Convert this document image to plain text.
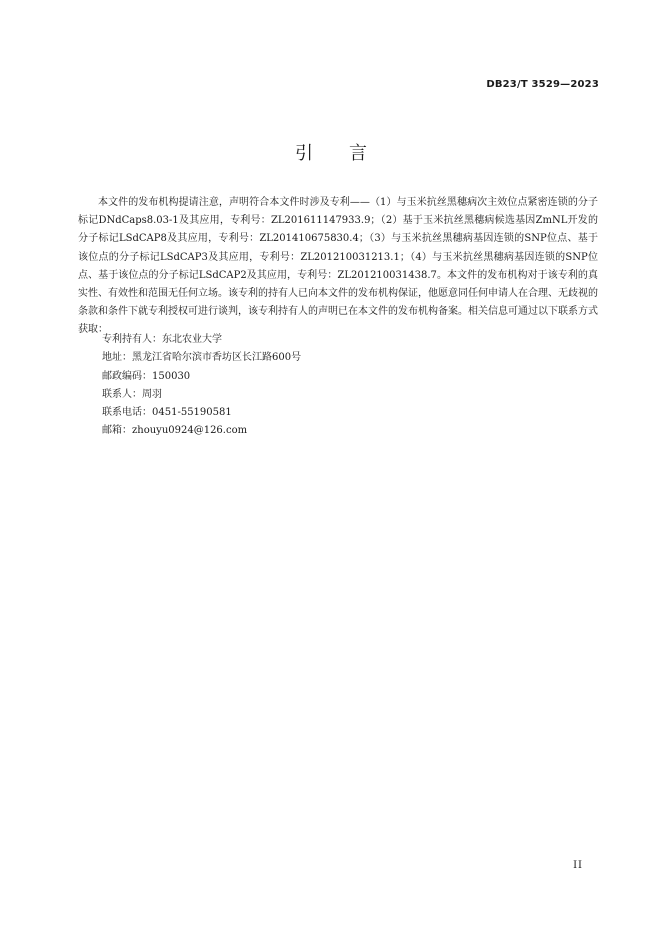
DB23/T 3529—2023
引言

本文件的发布机构提请注意，声明符合本文件时涉及专利——（1）与玉米抗丝黑穗病次主效位点紧密连锁的分子标记DNdCaps8.03-1及其应用，专利号：ZL201611147933.9；（2）基于玉米抗丝黑穗病候选基因ZmNL开发的分子标记LSdCAP8及其应用，专利号：ZL201410675830.4；（3）与玉米抗丝黑穗病基因连锁的SNP位点、基于该位点的分子标记LSdCAP3及其应用，专利号：ZL201210031213.1；（4）与玉米抗丝黑穗病基因连锁的SNP位点、基于该位点的分子标记LSdCAP2及其应用，专利号：ZL201210031438.7。本文件的发布机构对于该专利的真实性、有效性和范围无任何立场。该专利的持有人已向本文件的发布机构保证，他愿意同任何申请人在合理、无歧视的条款和条件下就专利授权可进行谈判，该专利持有人的声明已在本文件的发布机构备案。相关信息可通过以下联系方式获取：

专利持有人：东北农业大学
地址：黑龙江省哈尔滨市香坊区长江路600号
邮政编码：150030
联系人：周羽
联系电话：0451-55190581
邮箱：zhouyu0924@126.com
II
